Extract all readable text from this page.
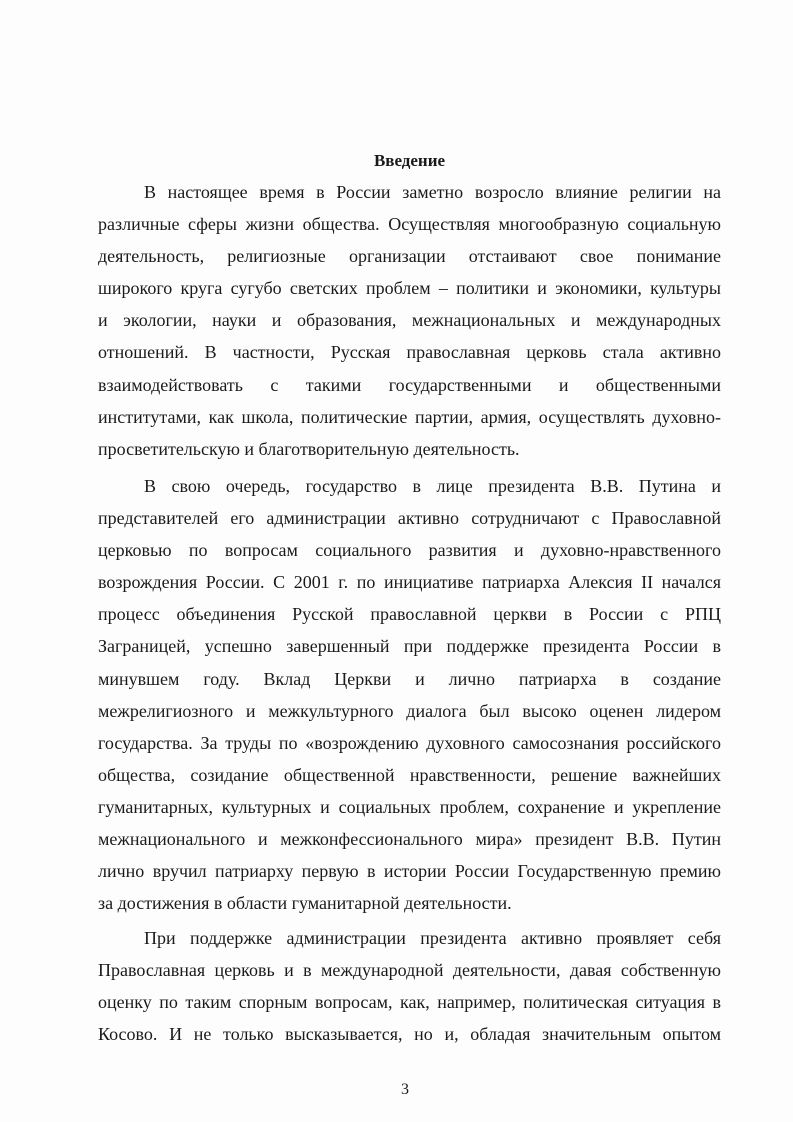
Введение
В настоящее время в России заметно возросло влияние религии на
различные сферы жизни общества. Осуществляя многообразную социальную
деятельность, религиозные организации отстаивают свое понимание
широкого круга сугубо светских проблем – политики и экономики, культуры
и экологии, науки и образования, межнациональных и международных
отношений. В частности, Русская православная церковь стала активно
взаимодействовать с такими государственными и общественными
институтами, как школа, политические партии, армия, осуществлять духовно-
просветительскую и благотворительную деятельность.
В свою очередь, государство в лице президента В.В. Путина и
представителей его администрации активно сотрудничают с Православной
церковью по вопросам социального развития и духовно-нравственного
возрождения России. С 2001 г. по инициативе патриарха Алексия II начался
процесс объединения Русской православной церкви в России с РПЦ
Заграницей, успешно завершенный при поддержке президента России в
минувшем году. Вклад Церкви и лично патриарха в создание
межрелигиозного и межкультурного диалога был высоко оценен лидером
государства. За труды по «возрождению духовного самосознания российского
общества, созидание общественной нравственности, решение важнейших
гуманитарных, культурных и социальных проблем, сохранение и укрепление
межнационального и межконфессионального мира» президент В.В. Путин
лично вручил патриарху первую в истории России Государственную премию
за достижения в области гуманитарной деятельности.
При поддержке администрации президента активно проявляет себя
Православная церковь и в международной деятельности, давая собственную
оценку по таким спорным вопросам, как, например, политическая ситуация в
Косово. И не только высказывается, но и, обладая значительным опытом
3
